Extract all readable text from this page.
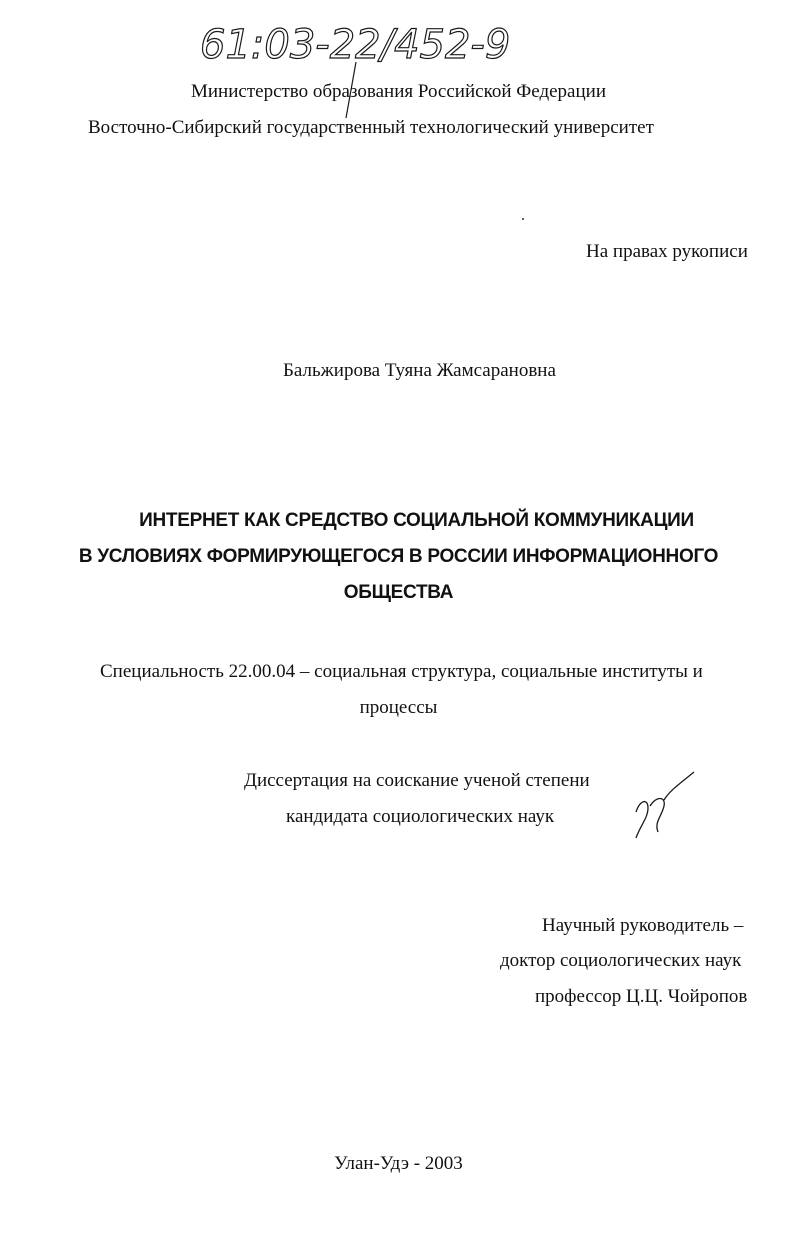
61:03-22/452-9
Министерство образования Российской Федерации
Восточно-Сибирский государственный технологический университет
На правах рукописи
Бальжирова Туяна Жамсарановна
ИНТЕРНЕТ КАК СРЕДСТВО СОЦИАЛЬНОЙ КОММУНИКАЦИИ
В УСЛОВИЯХ ФОРМИРУЮЩЕГОСЯ В РОССИИ ИНФОРМАЦИОННОГО
ОБЩЕСТВА
Специальность 22.00.04 – социальная структура, социальные институты и
процессы
Диссертация на соискание ученой степени
кандидата социологических наук
Научный руководитель –
доктор социологических наук
профессор Ц.Ц. Чойропов
Улан-Удэ - 2003
